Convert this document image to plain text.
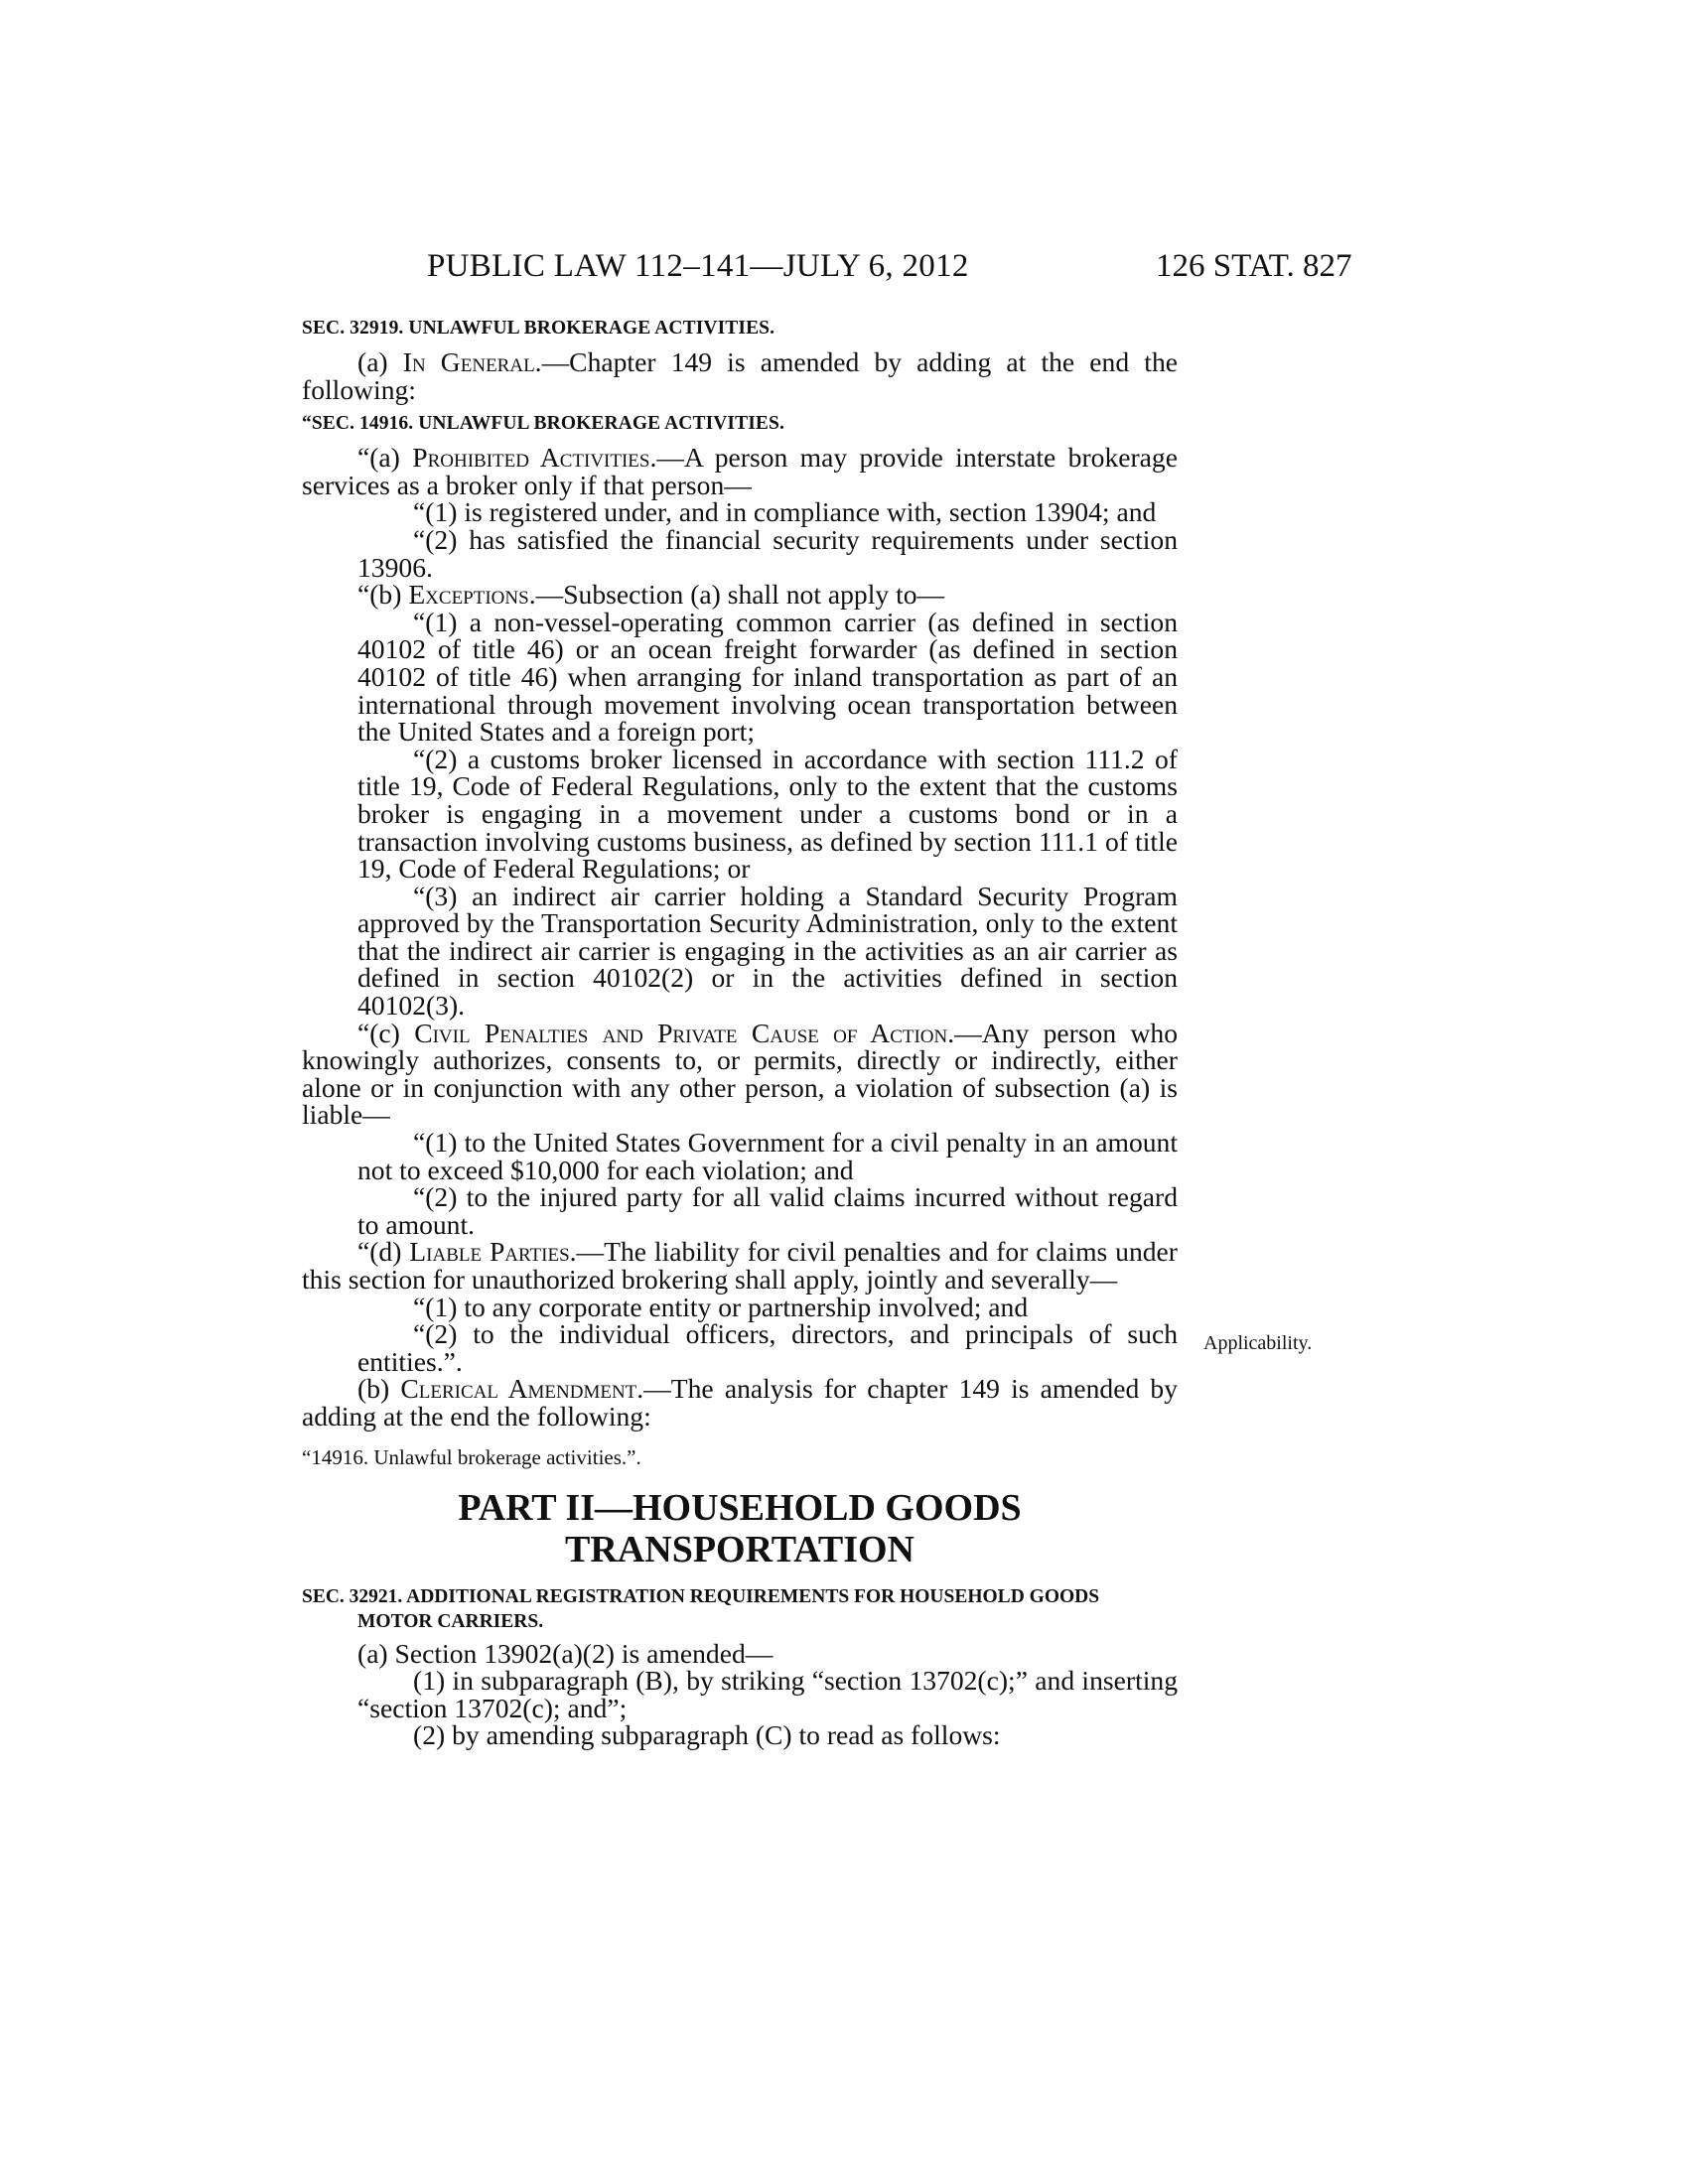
PUBLIC LAW 112–141—JULY 6, 2012	126 STAT. 827
Applicability.
SEC. 32919. UNLAWFUL BROKERAGE ACTIVITIES.

(a) In General.—Chapter 149 is amended by adding at the end the following:

“SEC. 14916. UNLAWFUL BROKERAGE ACTIVITIES.

“(a) Prohibited Activities.—A person may provide interstate brokerage services as a broker only if that person—

“(1) is registered under, and in compliance with, section 13904; and

“(2) has satisfied the financial security requirements under section 13906.

“(b) Exceptions.—Subsection (a) shall not apply to—

“(1) a non-vessel-operating common carrier (as defined in section 40102 of title 46) or an ocean freight forwarder (as defined in section 40102 of title 46) when arranging for inland transportation as part of an international through movement involving ocean transportation between the United States and a foreign port;

“(2) a customs broker licensed in accordance with section 111.2 of title 19, Code of Federal Regulations, only to the extent that the customs broker is engaging in a movement under a customs bond or in a transaction involving customs business, as defined by section 111.1 of title 19, Code of Federal Regulations; or

“(3) an indirect air carrier holding a Standard Security Program approved by the Transportation Security Administration, only to the extent that the indirect air carrier is engaging in the activities as an air carrier as defined in section 40102(2) or in the activities defined in section 40102(3).

“(c) Civil Penalties and Private Cause of Action.—Any person who knowingly authorizes, consents to, or permits, directly or indirectly, either alone or in conjunction with any other person, a violation of subsection (a) is liable—

“(1) to the United States Government for a civil penalty in an amount not to exceed $10,000 for each violation; and

“(2) to the injured party for all valid claims incurred without regard to amount.

“(d) Liable Parties.—The liability for civil penalties and for claims under this section for unauthorized brokering shall apply, jointly and severally—

“(1) to any corporate entity or partnership involved; and

“(2) to the individual officers, directors, and principals of such entities.”.

(b) Clerical Amendment.—The analysis for chapter 149 is amended by adding at the end the following:

“14916. Unlawful brokerage activities.”.
PART II—HOUSEHOLD GOODS
TRANSPORTATION
SEC. 32921. ADDITIONAL REGISTRATION REQUIREMENTS FOR HOUSEHOLD GOODS MOTOR CARRIERS.

(a) Section 13902(a)(2) is amended—

(1) in subparagraph (B), by striking “section 13702(c);” and inserting “section 13702(c); and”;

(2) by amending subparagraph (C) to read as follows:
